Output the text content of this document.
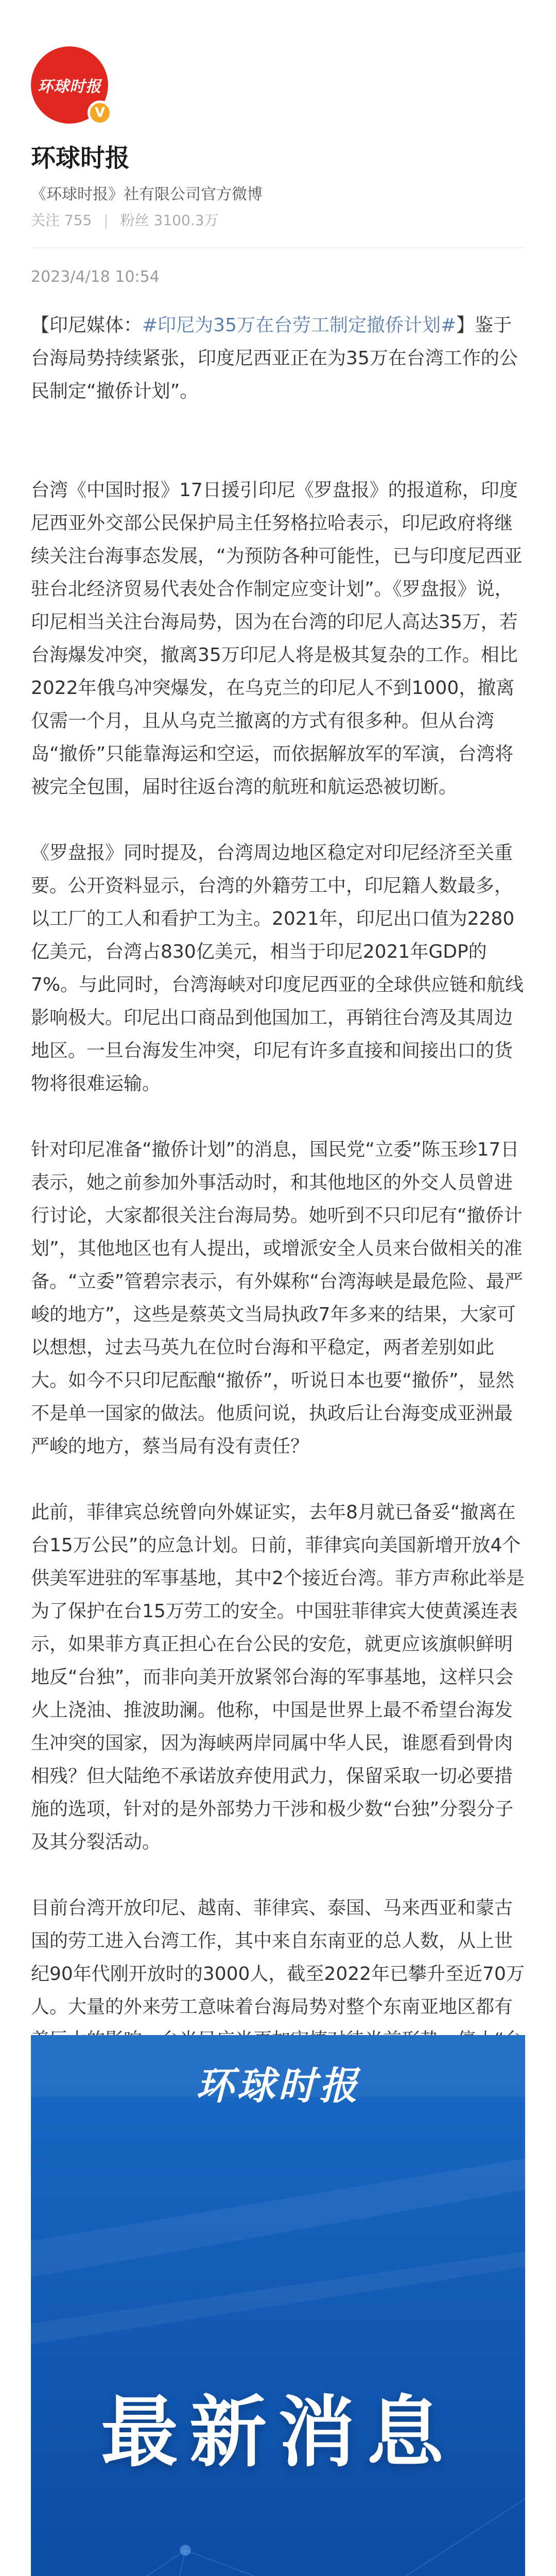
环球时报
V
环球时报
《环球时报》社有限公司官方微博
关注 755 | 粉丝 3100.3万
2023/4/18 10:54

【印尼媒体：#印尼为35万在台劳工制定撤侨计划#】鉴于台海局势持续紧张，印度尼西亚正在为35万在台湾工作的公民制定“撤侨计划”。

台湾《中国时报》17日援引印尼《罗盘报》的报道称，印度尼西亚外交部公民保护局主任努格拉哈表示，印尼政府将继续关注台海事态发展，“为预防各种可能性，已与印度尼西亚驻台北经济贸易代表处合作制定应变计划”。《罗盘报》说，印尼相当关注台海局势，因为在台湾的印尼人高达35万，若台海爆发冲突，撤离35万印尼人将是极其复杂的工作。相比2022年俄乌冲突爆发，在乌克兰的印尼人不到1000，撤离仅需一个月，且从乌克兰撤离的方式有很多种。但从台湾岛“撤侨”只能靠海运和空运，而依据解放军的军演，台湾将被完全包围，届时往返台湾的航班和航运恐被切断。

《罗盘报》同时提及，台湾周边地区稳定对印尼经济至关重要。公开资料显示，台湾的外籍劳工中，印尼籍人数最多，以工厂的工人和看护工为主。2021年，印尼出口值为2280亿美元，台湾占830亿美元，相当于印尼2021年GDP的7%。与此同时，台湾海峡对印度尼西亚的全球供应链和航线影响极大。印尼出口商品到他国加工，再销往台湾及其周边地区。一旦台海发生冲突，印尼有许多直接和间接出口的货物将很难运输。

针对印尼准备“撤侨计划”的消息，国民党“立委”陈玉珍17日表示，她之前参加外事活动时，和其他地区的外交人员曾进行讨论，大家都很关注台海局势。她听到不只印尼有“撤侨计划”，其他地区也有人提出，或增派安全人员来台做相关的准备。“立委”管碧宗表示，有外媒称“台湾海峡是最危险、最严峻的地方”，这些是蔡英文当局执政7年多来的结果，大家可以想想，过去马英九在位时台海和平稳定，两者差别如此大。如今不只印尼酝酿“撤侨”，听说日本也要“撤侨”，显然不是单一国家的做法。他质问说，执政后让台海变成亚洲最严峻的地方，蔡当局有没有责任？

此前，菲律宾总统曾向外媒证实，去年8月就已备妥“撤离在台15万公民”的应急计划。日前，菲律宾向美国新增开放4个供美军进驻的军事基地，其中2个接近台湾。菲方声称此举是为了保护在台15万劳工的安全。中国驻菲律宾大使黄溪连表示，如果菲方真正担心在台公民的安危，就更应该旗帜鲜明地反“台独”，而非向美开放紧邻台海的军事基地，这样只会火上浇油、推波助澜。他称，中国是世界上最不希望台海发生冲突的国家，因为海峡两岸同属中华人民，谁愿看到骨肉相残？但大陆绝不承诺放弃使用武力，保留采取一切必要措施的选项，针对的是外部势力干涉和极少数“台独”分裂分子及其分裂活动。

目前台湾开放印尼、越南、菲律宾、泰国、马来西亚和蒙古国的劳工进入台湾工作，其中来自东南亚的总人数，从上世纪90年代刚开放时的3000人，截至2022年已攀升至近70万人。大量的外来劳工意味着台海局势对整个东南亚地区都有

环球时报
最新消息
